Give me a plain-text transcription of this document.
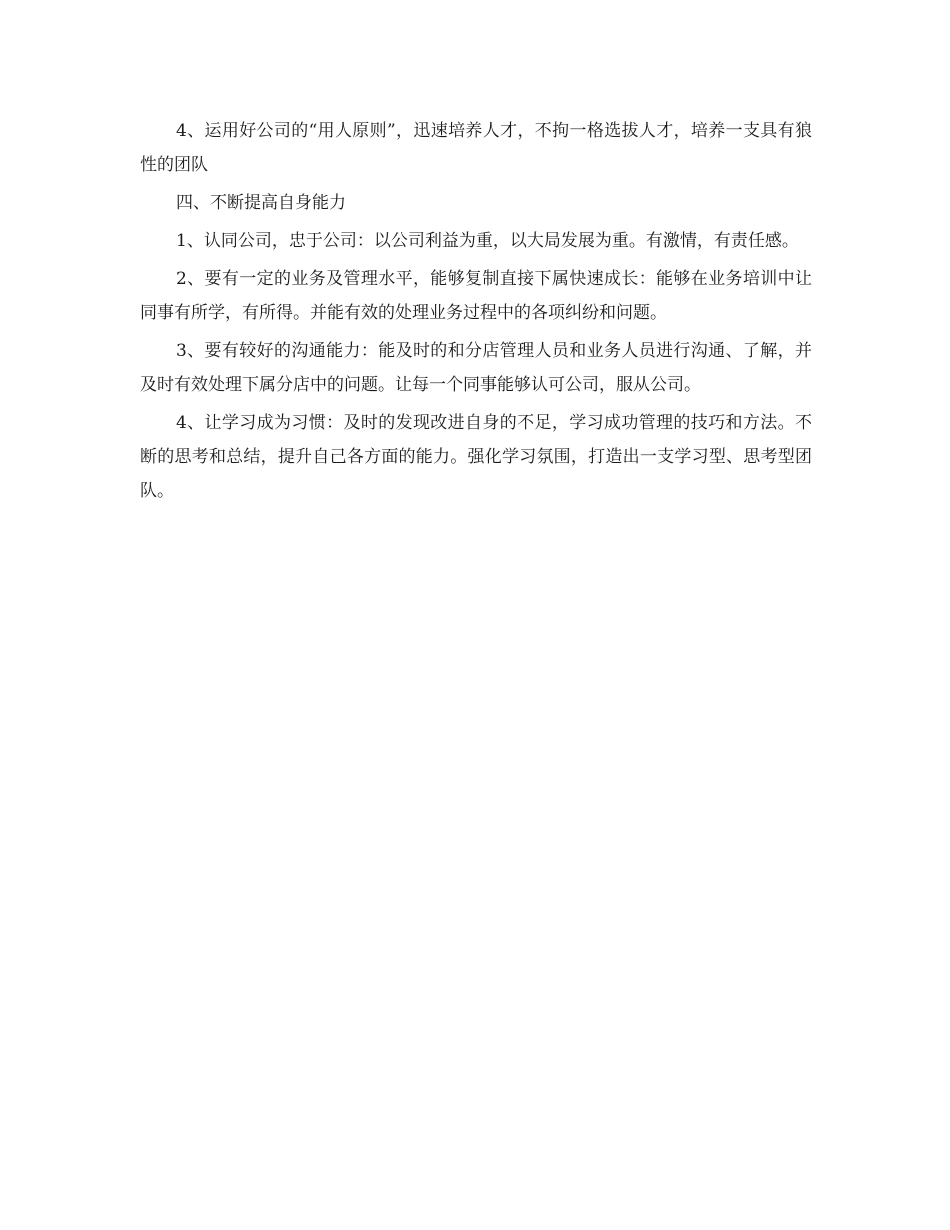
4、运用好公司的“用人原则”，迅速培养人才，不拘一格选拔人才，培养一支具有狼性的团队

四、不断提高自身能力

1、认同公司，忠于公司：以公司利益为重，以大局发展为重。有激情，有责任感。

2、要有一定的业务及管理水平，能够复制直接下属快速成长：能够在业务培训中让同事有所学，有所得。并能有效的处理业务过程中的各项纠纷和问题。

3、要有较好的沟通能力：能及时的和分店管理人员和业务人员进行沟通、了解，并及时有效处理下属分店中的问题。让每一个同事能够认可公司，服从公司。

4、让学习成为习惯：及时的发现改进自身的不足，学习成功管理的技巧和方法。不断的思考和总结，提升自己各方面的能力。强化学习氛围，打造出一支学习型、思考型团队。
